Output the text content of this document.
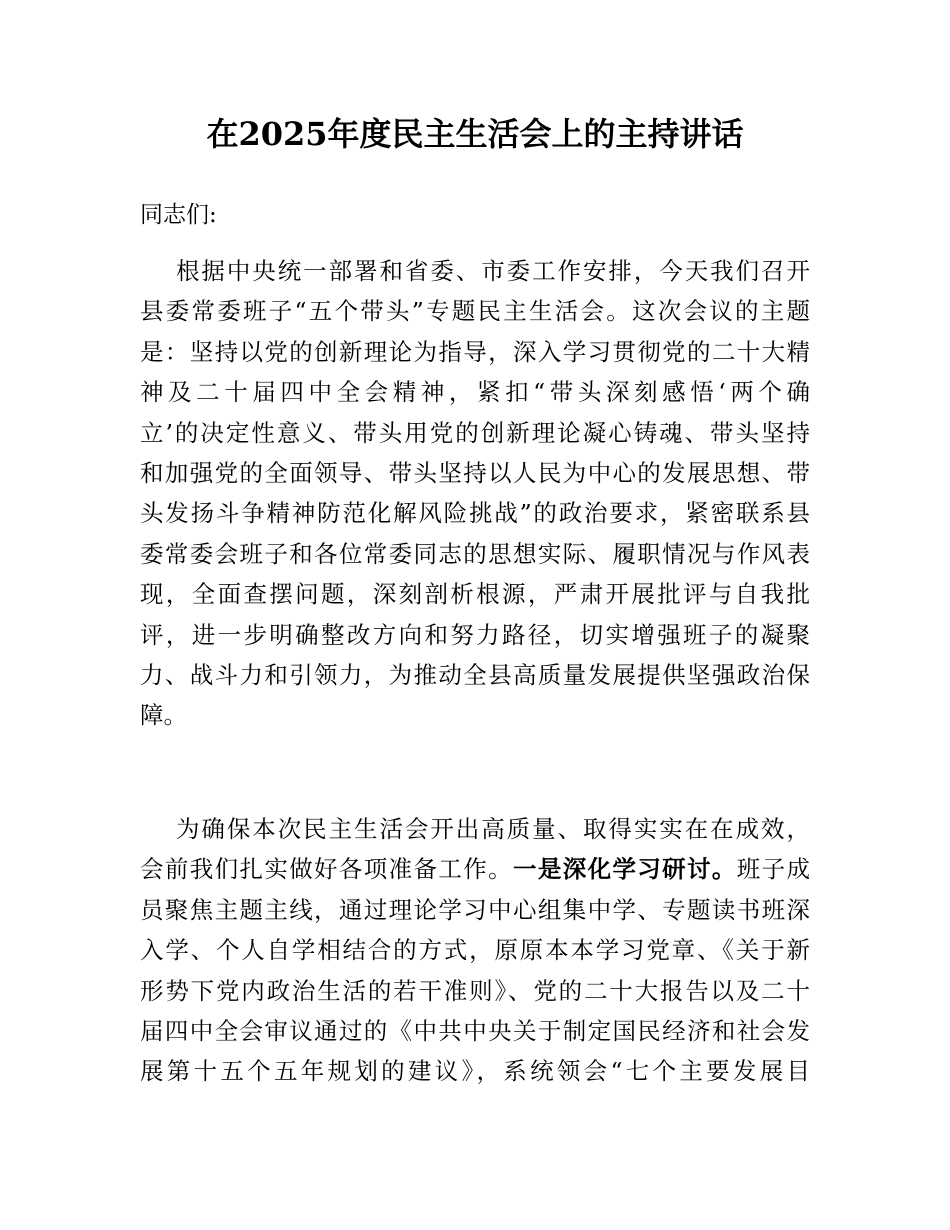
在2025年度民主生活会上的主持讲话
同志们:
根据中央统一部署和省委、市委工作安排，今天我们召开
县委常委班子“五个带头”专题民主生活会。这次会议的主题
是：坚持以党的创新理论为指导，深入学习贯彻党的二十大精
神及二十届四中全会精神，紧扣“带头深刻感悟‘两个确
立’的决定性意义、带头用党的创新理论凝心铸魂、带头坚持
和加强党的全面领导、带头坚持以人民为中心的发展思想、带
头发扬斗争精神防范化解风险挑战”的政治要求，紧密联系县
委常委会班子和各位常委同志的思想实际、履职情况与作风表
现，全面查摆问题，深刻剖析根源，严肃开展批评与自我批
评，进一步明确整改方向和努力路径，切实增强班子的凝聚
力、战斗力和引领力，为推动全县高质量发展提供坚强政治保
障。
为确保本次民主生活会开出高质量、取得实实在在成效，
会前我们扎实做好各项准备工作。一是深化学习研讨。班子成
员聚焦主题主线，通过理论学习中心组集中学、专题读书班深
入学、个人自学相结合的方式，原原本本学习党章、《关于新
形势下党内政治生活的若干准则》、党的二十大报告以及二十
届四中全会审议通过的《中共中央关于制定国民经济和社会发
展第十五个五年规划的建议》，系统领会“七个主要发展目
